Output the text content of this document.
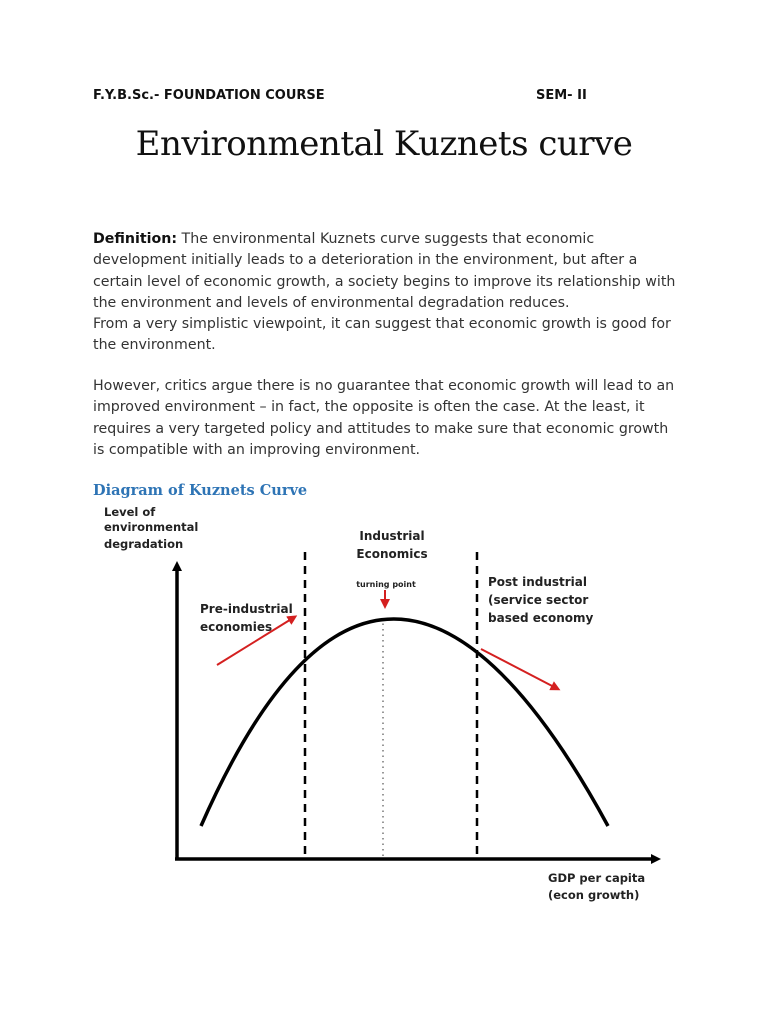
F.Y.B.Sc.- FOUNDATION COURSE	SEM- II
Environmental Kuznets curve

Definition: The environmental Kuznets curve suggests that economic development initially leads to a deterioration in the environment, but after a certain level of economic growth, a society begins to improve its relationship with the environment and levels of environmental degradation reduces.

From a very simplistic viewpoint, it can suggest that economic growth is good for the environment.

However, critics argue there is no guarantee that economic growth will lead to an improved environment – in fact, the opposite is often the case. At the least, it requires a very targeted policy and attitudes to make sure that economic growth is compatible with an improving environment.

Diagram of Kuznets Curve
Level of
environmental
degradation
Industrial
Economics
turning point
Pre-industrial
economies
Post industrial
(service sector
based economy
GDP per capita
(econ growth)
